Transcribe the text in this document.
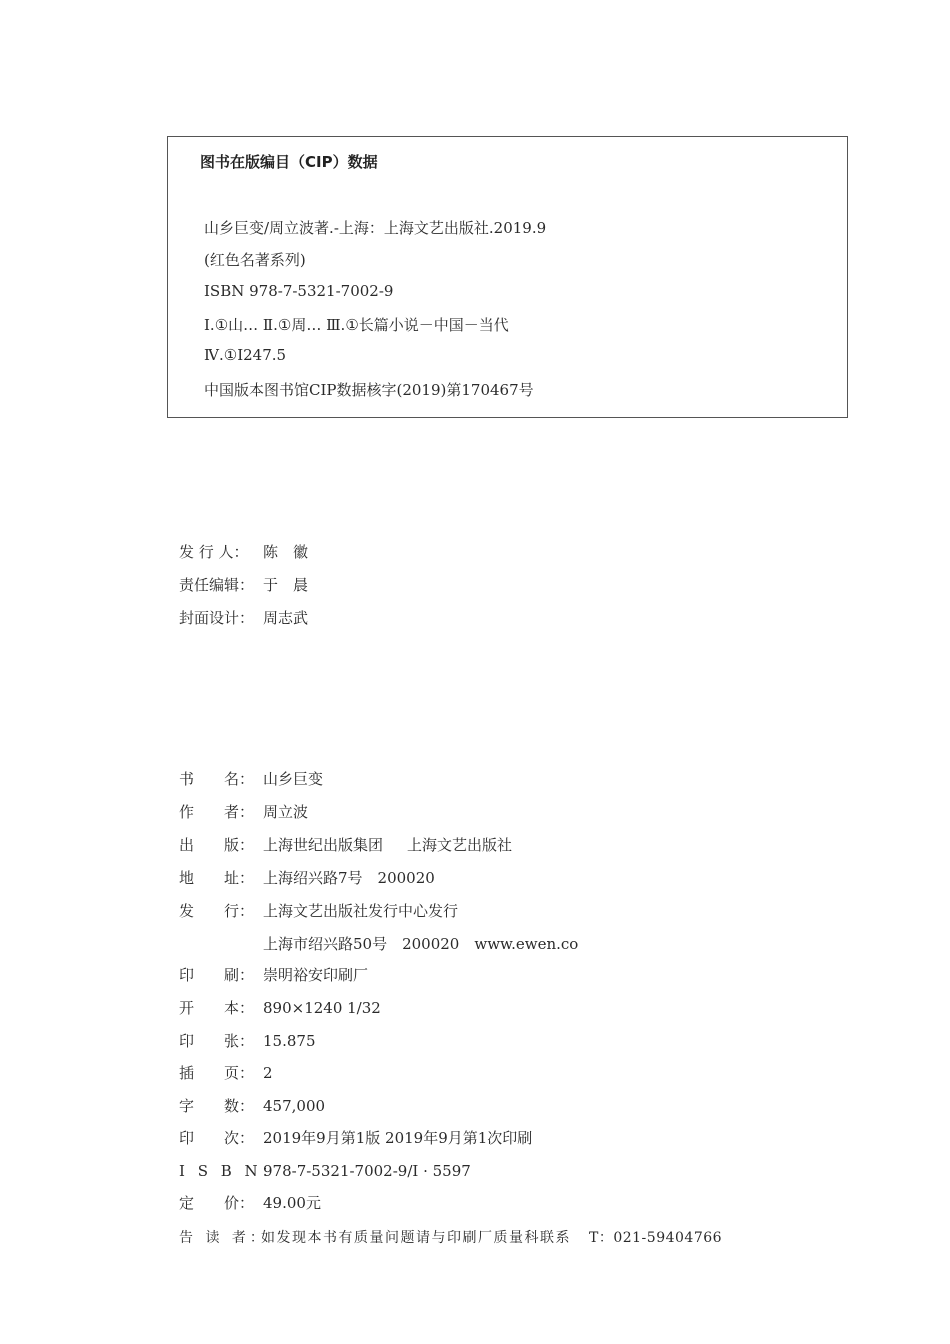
图书在版编目（CIP）数据
山乡巨变/周立波著.-上海：上海文艺出版社.2019.9
(红色名著系列)
ISBN 978-7-5321-7002-9
Ⅰ.①山… Ⅱ.①周… Ⅲ.①长篇小说－中国－当代
Ⅳ.①I247.5
中国版本图书馆CIP数据核字(2019)第170467号
发 行 人： 陈　徽
责任编辑： 于　晨
封面设计： 周志武
书　　名： 山乡巨变
作　　者： 周立波
出　　版： 上海世纪出版集团 上海文艺出版社
地　　址： 上海绍兴路7号　200020
发　　行： 上海文艺出版社发行中心发行
上海市绍兴路50号　200020　www.ewen.co
印　　刷： 崇明裕安印刷厂
开　　本： 890×1240 1/32
印　　张： 15.875
插　　页： 2
字　　数： 457,000
印　　次： 2019年9月第1版 2019年9月第1次印刷
I S B N：978-7-5321-7002-9/I · 5597
定　　价： 49.00元
告 读 者：如发现本书有质量问题请与印刷厂质量科联系 T：021-59404766
